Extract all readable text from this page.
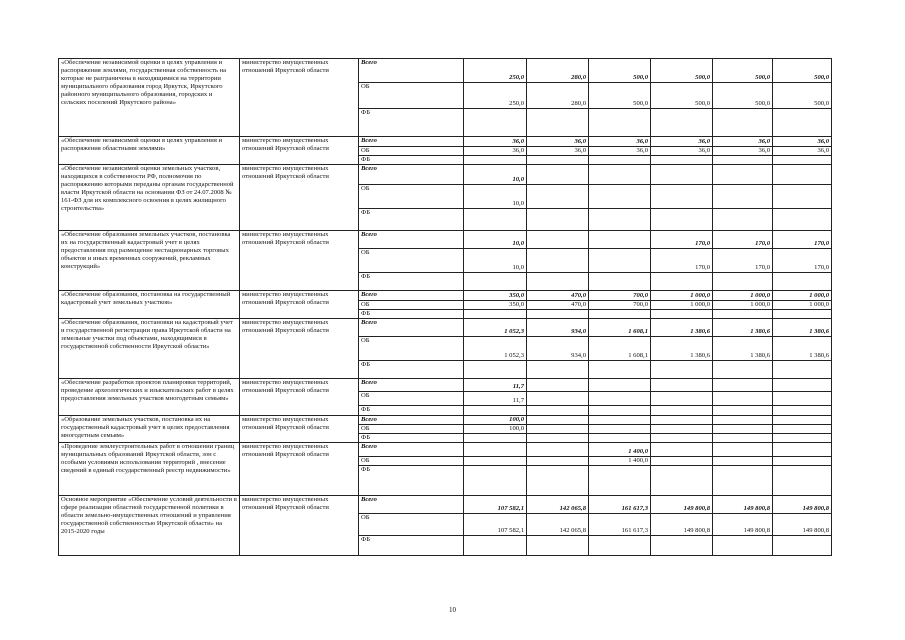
«Обеспечение независимой оценки в целях управления и распоряжения землями, государственная собственность на которые не разграничена в находящимися на территории муниципального образования город Иркутск, Иркутского районного муниципального образования, городских и сельских поселений Иркутского района»	министерство имущественных отношений Иркутской области	Всего	250,0	280,0	500,0	500,0	500,0	500,0
		ОБ	250,0	280,0	500,0	500,0	500,0	500,0
		ФБ						
«Обеспечение независимой оценки в целях управления и распоряжения областными землями»	министерство имущественных отношений Иркутской области	Всего	36,0	36,0	36,0	36,0	36,0	36,0
		ОБ	36,0	36,0	36,0	36,0	36,0	36,0
		ФБ						
«Обеспечение независимой оценки земельных участков, находящихся в собственности РФ, полномочия по распоряжению которыми переданы органам государственной власти Иркутской области на основании ФЗ от 24.07.2008 № 161-ФЗ для их комплексного освоения в целях жилищного строительства»	министерство имущественных отношений Иркутской области	Всего	10,0					
		ОБ	10,0					
		ФБ						
«Обеспечение образования земельных участков, постановка их на государственный кадастровый учет в целях предоставления под размещение нестационарных торговых объектов и иных временных сооружений, рекламных конструкций»	министерство имущественных отношений Иркутской области	Всего	10,0			170,0	170,0	170,0
		ОБ	10,0			170,0	170,0	170,0
		ФБ						
«Обеспечение образования, постановка на государственный кадастровый учет земельных участков»	министерство имущественных отношений Иркутской области	Всего	350,0	470,0	700,0	1 000,0	1 000,0	1 000,0
		ОБ	350,0	470,0	700,0	1 000,0	1 000,0	1 000,0
		ФБ						
«Обеспечение образования, постановки на кадастровый учет и государственной регистрации права Иркутской области на земельные участки под объектами, находящимися в государственной собственности Иркутской области»	министерство имущественных отношений Иркутской области	Всего	1 052,3	934,0	1 608,1	1 380,6	1 380,6	1 380,6
		ОБ	1 052,3	934,0	1 608,1	1 380,6	1 380,6	1 380,6
		ФБ						
«Обеспечение разработки проектов планировки территорий, проведение археологических и изыскательских работ в целях предоставления земельных участков многодетным семьям»	министерство имущественных отношений Иркутской области	Всего	11,7					
		ОБ	11,7					
		ФБ						
«Образование земельных участков, постановка их на государственный кадастровый учет в целях предоставления многодетным семьям»	министерство имущественных отношений Иркутской области	Всего	100,0					
		ОБ	100,0					
		ФБ						
«Проведение землеустроительных работ в отношении границ муниципальных образований Иркутской области, зон с особыми условиями использования территорий , внесение сведений в единый государственный реестр недвижимости»	министерство имущественных отношений Иркутской области	Всего			1 400,0			
		ОБ			1 400,0			
		ФБ						
Основное мероприятие «Обеспечение условий деятельности в сфере реализации областной государственной политики в области земельно-имущественных отношений и управления государственной собственностью Иркутской области» на 2015-2020 годы	министерство имущественных отношений Иркутской области	Всего	107 582,1	142 065,8	161 617,3	149 800,8	149 800,8	149 800,8
		ОБ	107 582,1	142 065,8	161 617,3	149 800,8	149 800,8	149 800,8
		ФБ						
10
